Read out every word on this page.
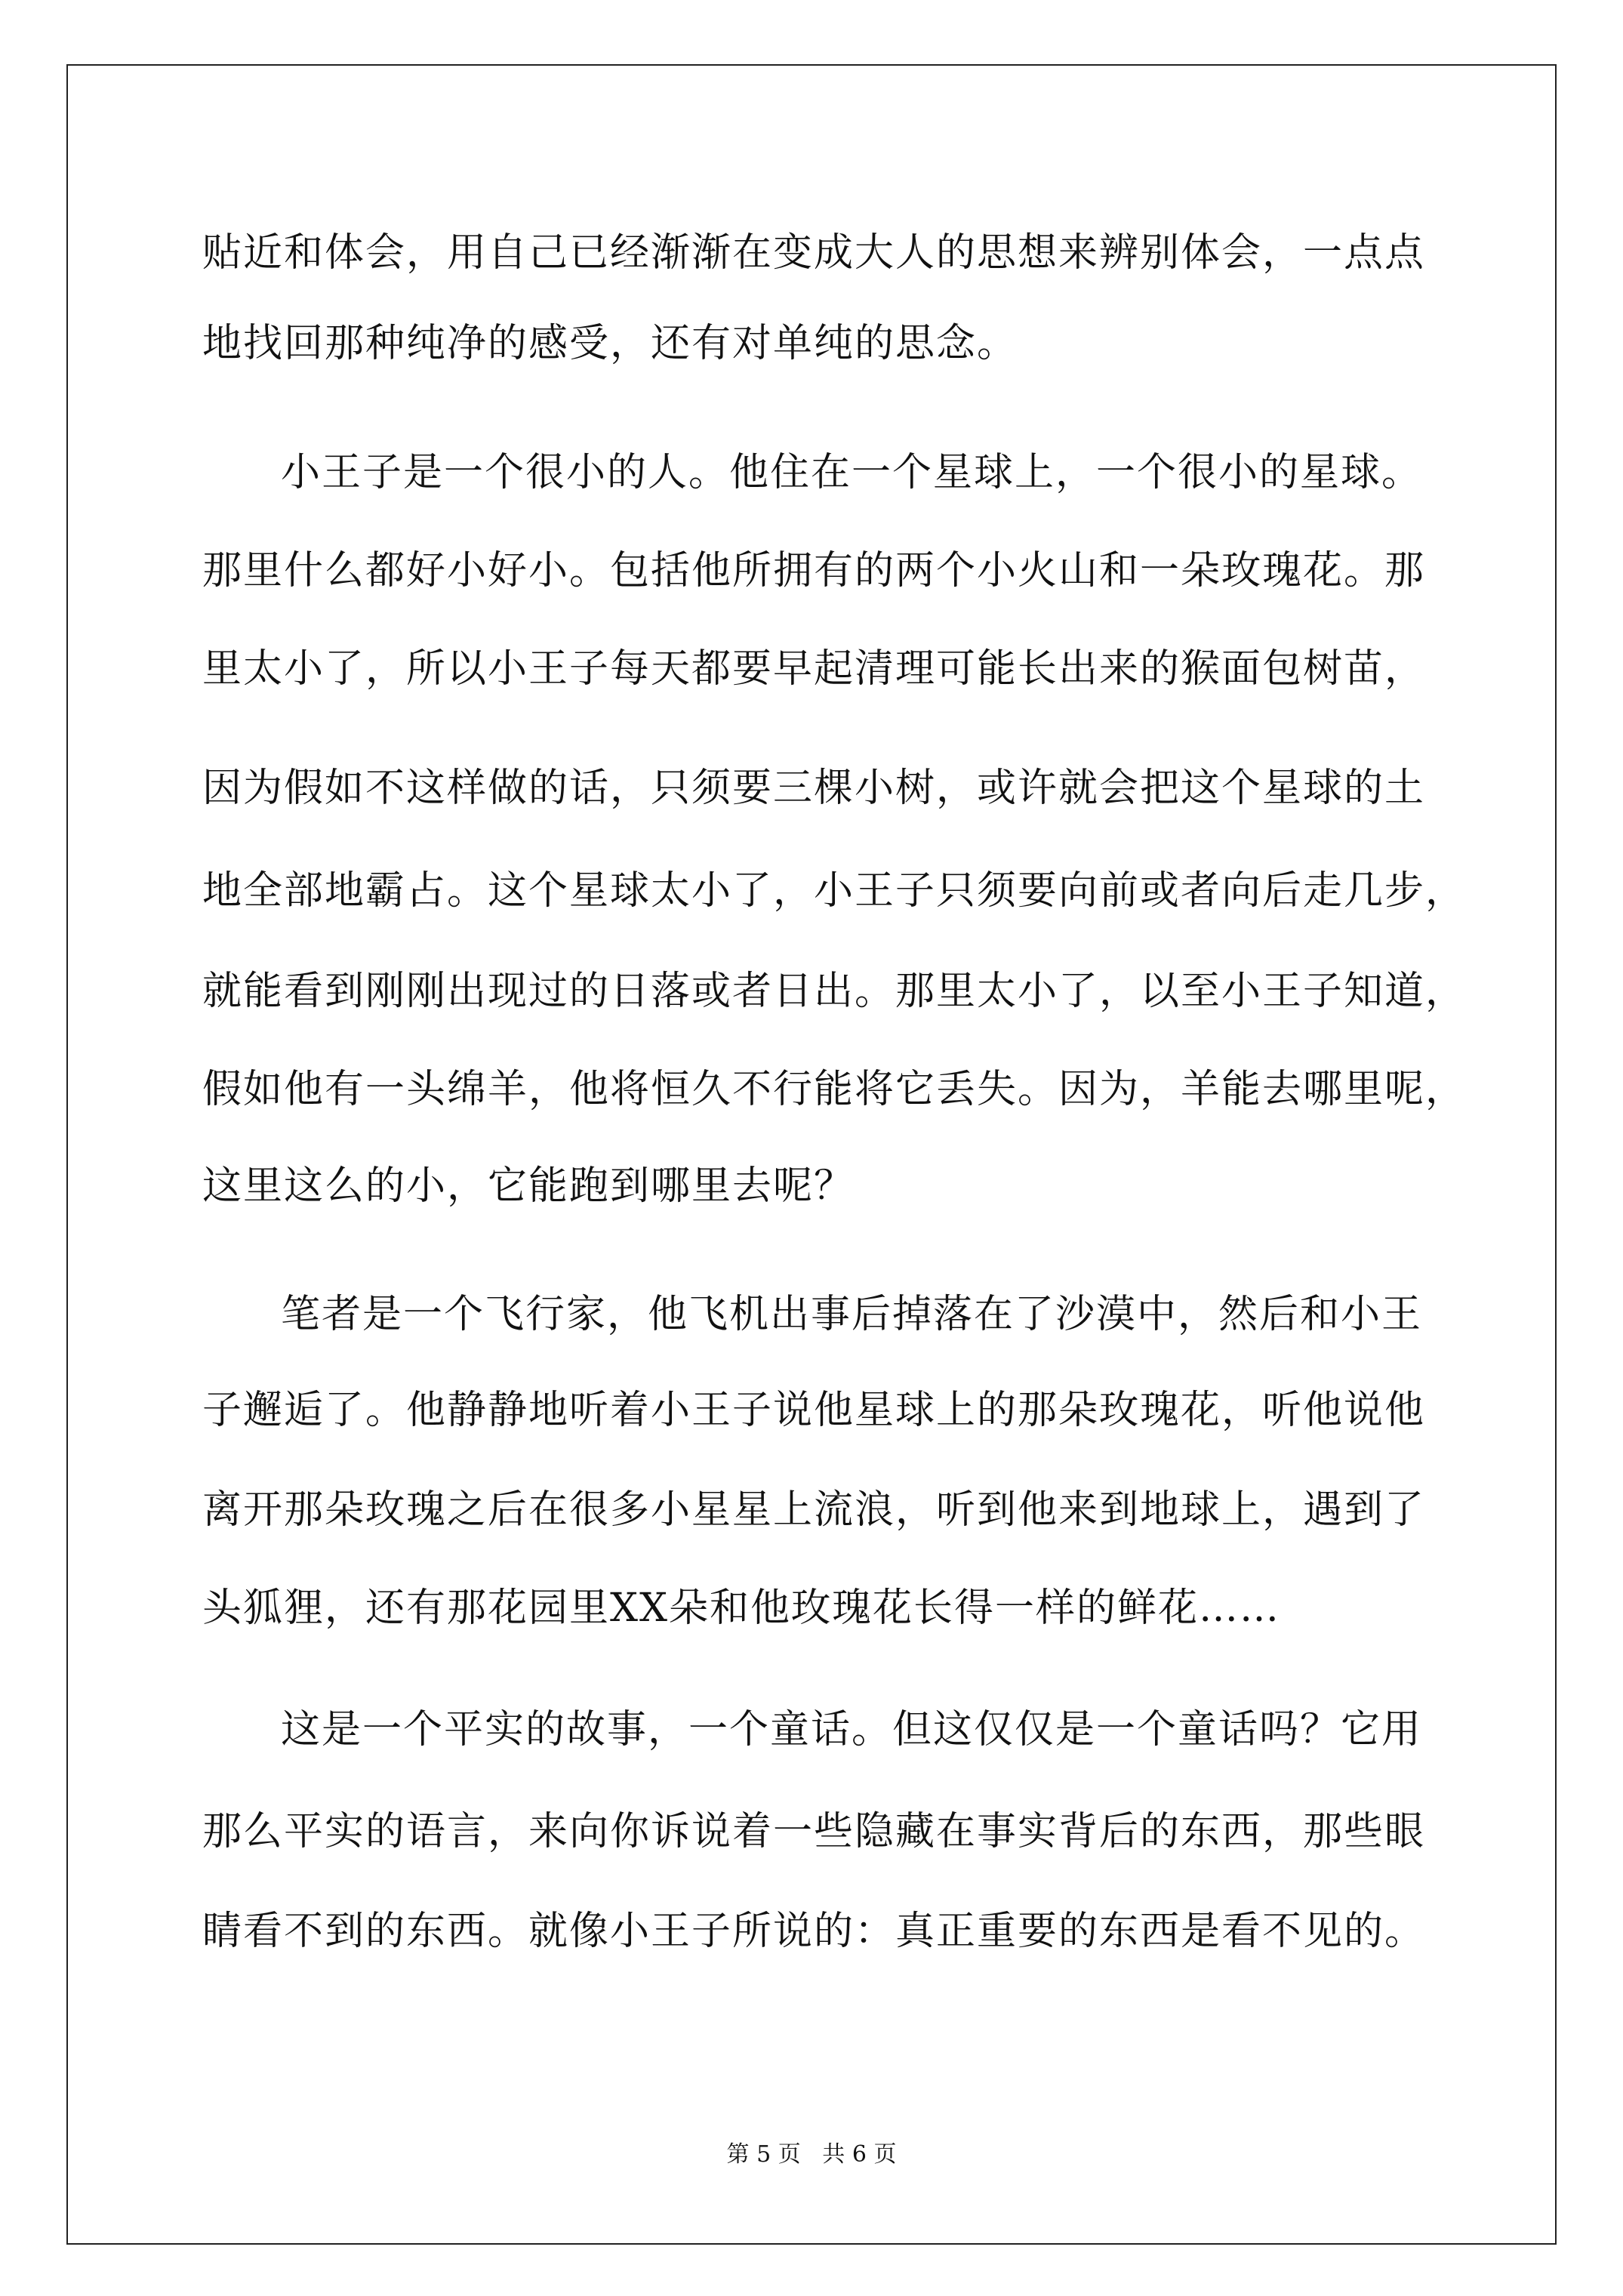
贴近和体会，用自己已经渐渐在变成大人的思想来辨别体会，一点点

地找回那种纯净的感受，还有对单纯的思念。

小王子是一个很小的人。他住在一个星球上，一个很小的星球。

那里什么都好小好小。包括他所拥有的两个小火山和一朵玫瑰花。那

里太小了，所以小王子每天都要早起清理可能长出来的猴面包树苗，

因为假如不这样做的话，只须要三棵小树，或许就会把这个星球的土

地全部地霸占。这个星球太小了，小王子只须要向前或者向后走几步，

就能看到刚刚出现过的日落或者日出。那里太小了，以至小王子知道，

假如他有一头绵羊，他将恒久不行能将它丢失。因为，羊能去哪里呢，

这里这么的小，它能跑到哪里去呢？

笔者是一个飞行家，他飞机出事后掉落在了沙漠中，然后和小王

子邂逅了。他静静地听着小王子说他星球上的那朵玫瑰花，听他说他

离开那朵玫瑰之后在很多小星星上流浪，听到他来到地球上，遇到了

头狐狸，还有那花园里XX朵和他玫瑰花长得一样的鲜花……

这是一个平实的故事，一个童话。但这仅仅是一个童话吗？它用

那么平实的语言，来向你诉说着一些隐藏在事实背后的东西，那些眼

睛看不到的东西。就像小王子所说的：真正重要的东西是看不见的。

第 5 页   共 6 页
